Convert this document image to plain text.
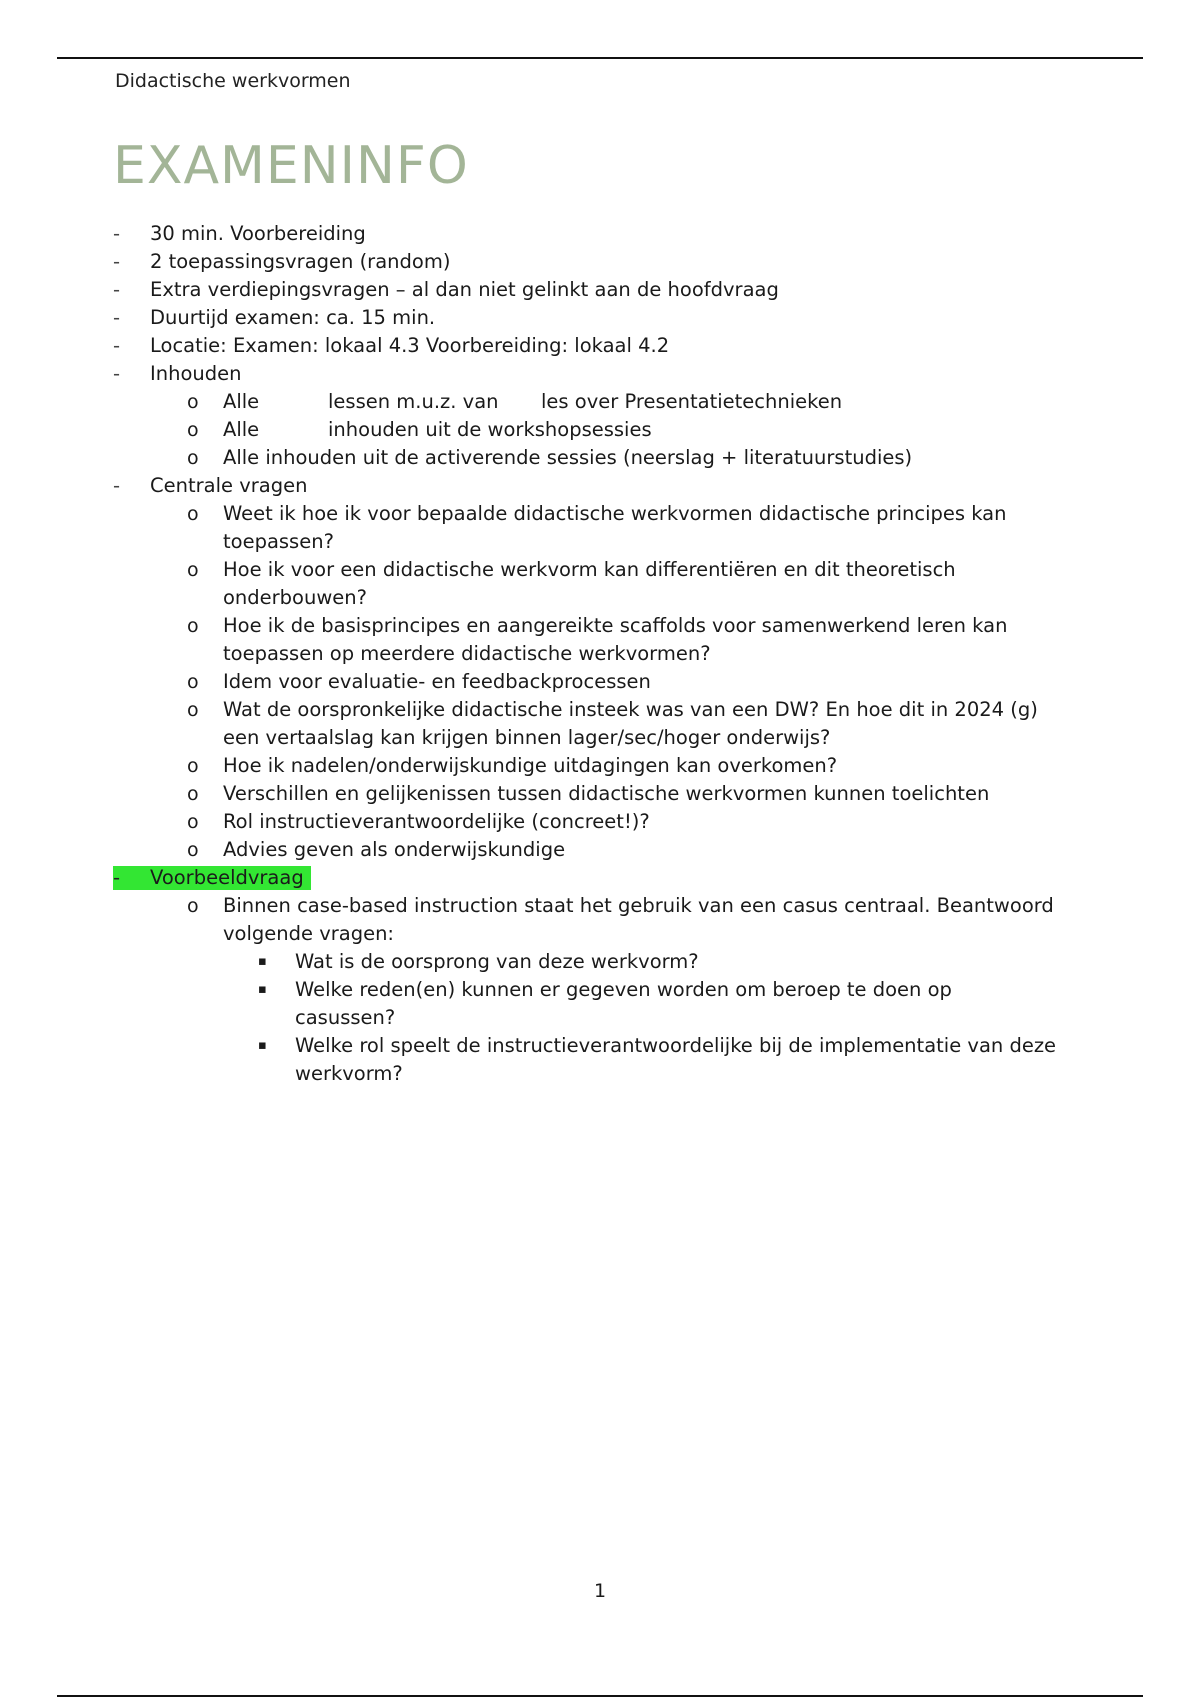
Didactische werkvormen
EXAMENINFO
- 30 min. Voorbereiding
- 2 toepassingsvragen (random)
- Extra verdiepingsvragen – al dan niet gelinkt aan de hoofdvraag
- Duurtijd examen: ca. 15 min.
- Locatie: Examen: lokaal 4.3 Voorbereiding: lokaal 4.2
- Inhouden
o Alle	lessen m.u.z. van les over Presentatietechnieken
o Alle	inhouden uit de workshopsessies
o Alle inhouden uit de activerende sessies (neerslag + literatuurstudies)
- Centrale vragen
o Weet ik hoe ik voor bepaalde didactische werkvormen didactische principes kan
toepassen?
o Hoe ik voor een didactische werkvorm kan differentiëren en dit theoretisch
onderbouwen?
o Hoe ik de basisprincipes en aangereikte scaffolds voor samenwerkend leren kan
toepassen op meerdere didactische werkvormen?
o Idem voor evaluatie- en feedbackprocessen
o Wat de oorspronkelijke didactische insteek was van een DW? En hoe dit in 2024 (g)
een vertaalslag kan krijgen binnen lager/sec/hoger onderwijs?
o Hoe ik nadelen/onderwijskundige uitdagingen kan overkomen?
o Verschillen en gelijkenissen tussen didactische werkvormen kunnen toelichten
o Rol instructieverantwoordelijke (concreet!)?
o Advies geven als onderwijskundige
- Voorbeeldvraag
o Binnen case-based instruction staat het gebruik van een casus centraal. Beantwoord
volgende vragen:
▪ Wat is de oorsprong van deze werkvorm?
▪ Welke reden(en) kunnen er gegeven worden om beroep te doen op
casussen?
▪ Welke rol speelt de instructieverantwoordelijke bij de implementatie van deze
werkvorm?
1
